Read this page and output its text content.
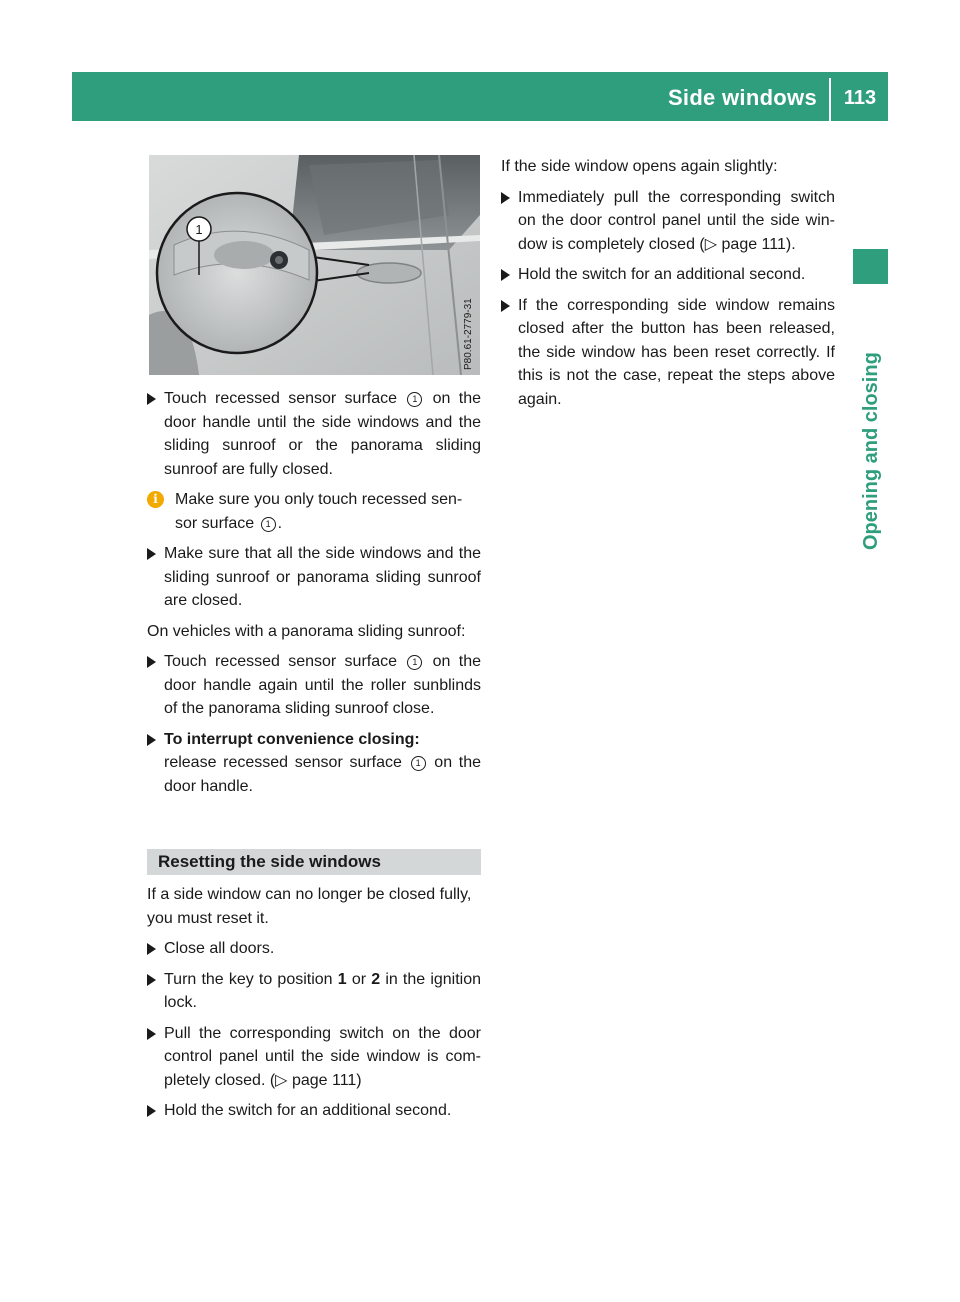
Side windows	113
Opening and closing
1
P80.61-2779-31
Touch recessed sensor surface 1 on the door handle until the side windows and the sliding sunroof or the panorama sliding sunroof are fully closed.
i	Make sure you only touch recessed sen-sor surface 1 .
Make sure that all the side windows and the sliding sunroof or panorama sliding sunroof are closed.
On vehicles with a panorama sliding sunroof:
Touch recessed sensor surface 1 on the door handle again until the roller sunblinds of the panorama sliding sunroof close.
To interrupt convenience closing:
release recessed sensor surface 1 on the door handle.
Resetting the side windows
If a side window can no longer be closed fully, you must reset it.
Close all doors.
Turn the key to position 1 or 2 in the ignition lock.
Pull the corresponding switch on the door control panel until the side window is com-pletely closed. (▷ page 111)
Hold the switch for an additional second.
If the side window opens again slightly:
Immediately pull the corresponding switch on the door control panel until the side win-dow is completely closed (▷ page 111).
Hold the switch for an additional second.
If the corresponding side window remains closed after the button has been released, the side window has been reset correctly. If this is not the case, repeat the steps above again.
